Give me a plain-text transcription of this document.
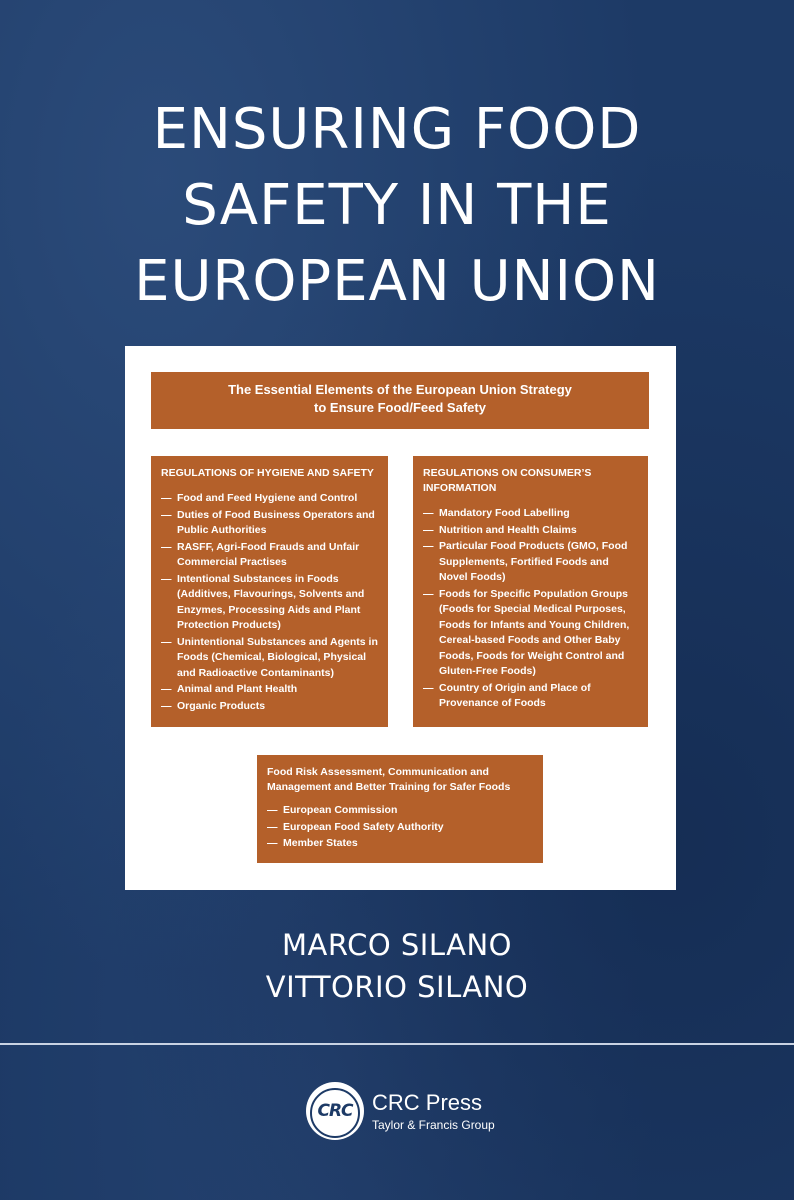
ENSURING FOOD
SAFETY IN THE
EUROPEAN UNION
The Essential Elements of the European Union Strategy
to Ensure Food/Feed Safety
REGULATIONS OF HYGIENE AND SAFETY
— Food and Feed Hygiene and Control
— Duties of Food Business Operators and Public Authorities
— RASFF, Agri-Food Frauds and Unfair Commercial Practises
— Intentional Substances in Foods (Additives, Flavourings, Solvents and Enzymes, Processing Aids and Plant Protection Products)
— Unintentional Substances and Agents in Foods (Chemical, Biological, Physical and Radioactive Contaminants)
— Animal and Plant Health
— Organic Products
REGULATIONS ON CONSUMER’S
INFORMATION
— Mandatory Food Labelling
— Nutrition and Health Claims
— Particular Food Products (GMO, Food Supplements, Fortified Foods and Novel Foods)
— Foods for Specific Population Groups (Foods for Special Medical Purposes, Foods for Infants and Young Children, Cereal-based Foods and Other Baby Foods, Foods for Weight Control and Gluten-Free Foods)
— Country of Origin and Place of Provenance of Foods
Food Risk Assessment, Communication and
Management and Better Training for Safer Foods
— European Commission
— European Food Safety Authority
— Member States
MARCO SILANO
VITTORIO SILANO
CRC CRC Press
Taylor & Francis Group
